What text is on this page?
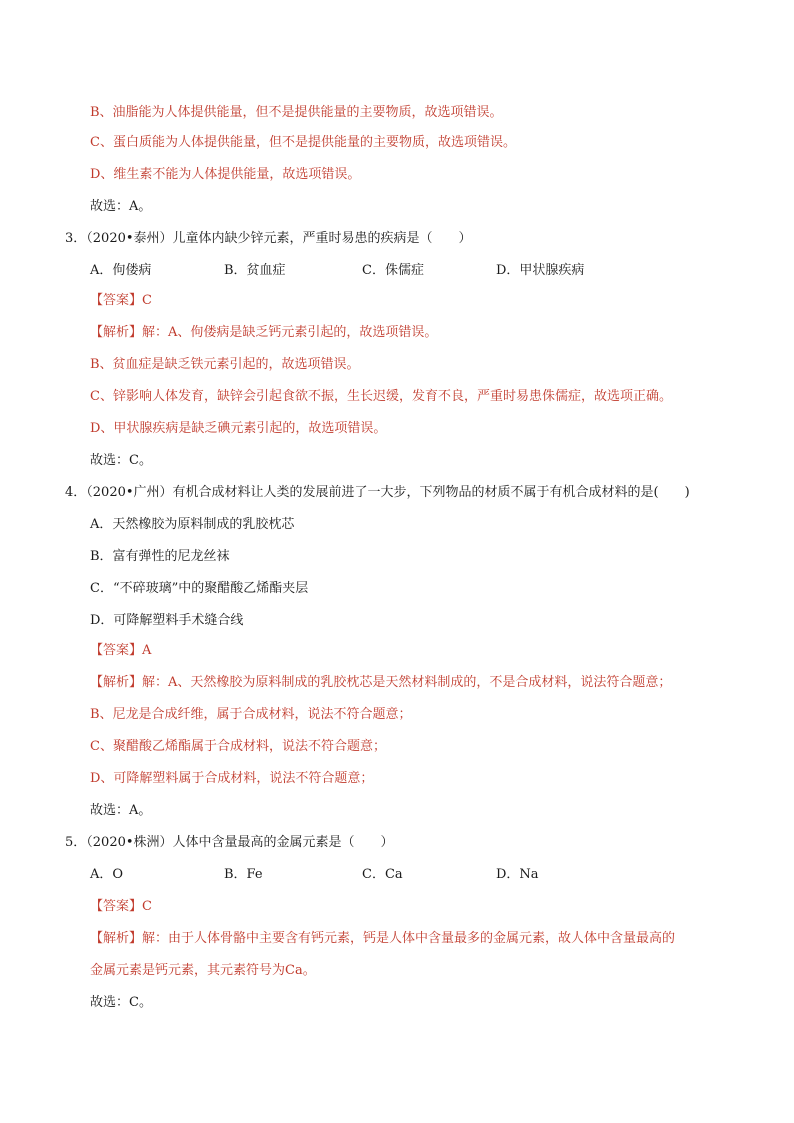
B、油脂能为人体提供能量，但不是提供能量的主要物质，故选项错误。
C、蛋白质能为人体提供能量，但不是提供能量的主要物质，故选项错误。
D、维生素不能为人体提供能量，故选项错误。
故选：A。
3．（2020•泰州）儿童体内缺少锌元素，严重时易患的疾病是（　　）
A．佝偻病	B．贫血症	C．侏儒症	D．甲状腺疾病
【答案】C
【解析】解：A、佝偻病是缺乏钙元素引起的，故选项错误。
B、贫血症是缺乏铁元素引起的，故选项错误。
C、锌影响人体发育，缺锌会引起食欲不振，生长迟缓，发育不良，严重时易患侏儒症，故选项正确。
D、甲状腺疾病是缺乏碘元素引起的，故选项错误。
故选：C。
4．（2020•广州）有机合成材料让人类的发展前进了一大步，下列物品的材质不属于有机合成材料的是(　　)
A．天然橡胶为原料制成的乳胶枕芯
B．富有弹性的尼龙丝袜
C．“不碎玻璃”中的聚醋酸乙烯酯夹层
D．可降解塑料手术缝合线
【答案】A
【解析】解：A、天然橡胶为原料制成的乳胶枕芯是天然材料制成的，不是合成材料，说法符合题意；
B、尼龙是合成纤维，属于合成材料，说法不符合题意；
C、聚醋酸乙烯酯属于合成材料，说法不符合题意；
D、可降解塑料属于合成材料，说法不符合题意；
故选：A。
5．（2020•株洲）人体中含量最高的金属元素是（　　）
A．O	B．Fe	C．Ca	D．Na
【答案】C
【解析】解：由于人体骨骼中主要含有钙元素，钙是人体中含量最多的金属元素，故人体中含量最高的
金属元素是钙元素，其元素符号为Ca。
故选：C。
